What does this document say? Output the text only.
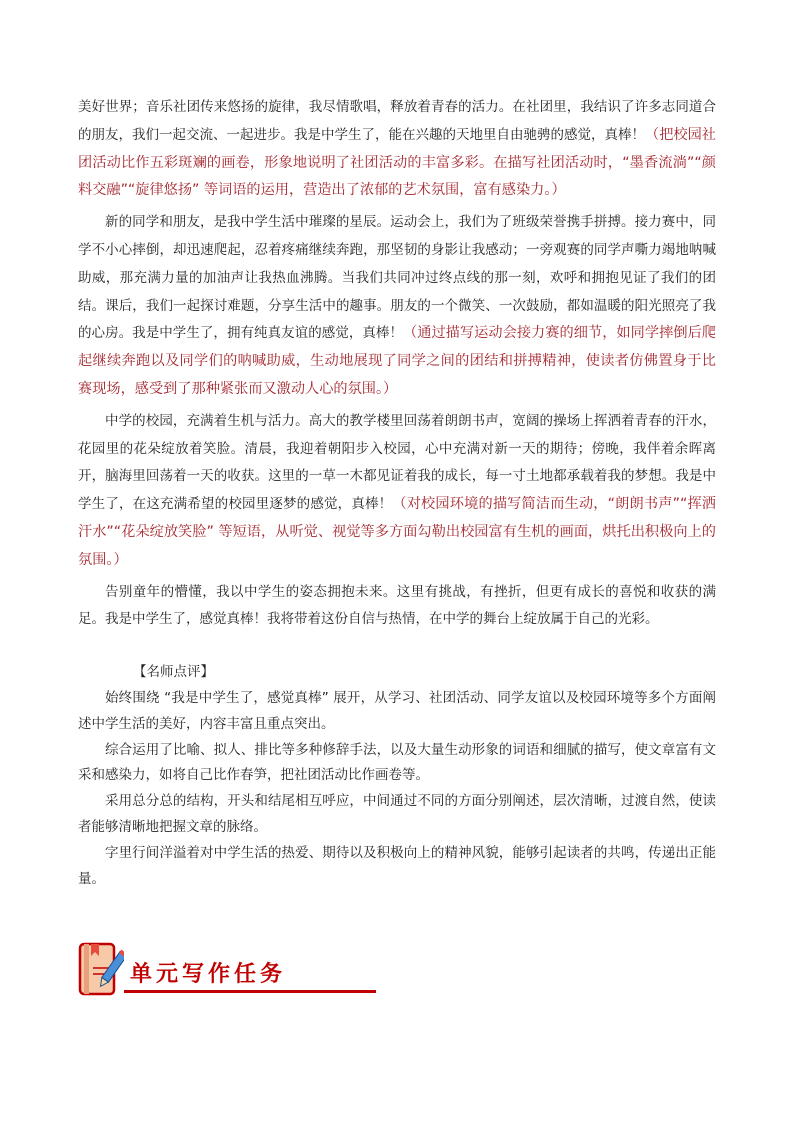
美好世界；音乐社团传来悠扬的旋律，我尽情歌唱，释放着青春的活力。在社团里，我结识了许多志同道合的朋友，我们一起交流、一起进步。我是中学生了，能在兴趣的天地里自由驰骋的感觉，真棒！（把校园社团活动比作五彩斑斓的画卷，形象地说明了社团活动的丰富多彩。在描写社团活动时，“墨香流淌”“颜料交融”“旋律悠扬” 等词语的运用，营造出了浓郁的艺术氛围，富有感染力。）

新的同学和朋友，是我中学生活中璀璨的星辰。运动会上，我们为了班级荣誉携手拼搏。接力赛中，同学不小心摔倒，却迅速爬起，忍着疼痛继续奔跑，那坚韧的身影让我感动；一旁观赛的同学声嘶力竭地呐喊助威，那充满力量的加油声让我热血沸腾。当我们共同冲过终点线的那一刻，欢呼和拥抱见证了我们的团结。课后，我们一起探讨难题，分享生活中的趣事。朋友的一个微笑、一次鼓励，都如温暖的阳光照亮了我的心房。我是中学生了，拥有纯真友谊的感觉，真棒！（通过描写运动会接力赛的细节，如同学摔倒后爬起继续奔跑以及同学们的呐喊助威，生动地展现了同学之间的团结和拼搏精神，使读者仿佛置身于比赛现场，感受到了那种紧张而又激动人心的氛围。）

中学的校园，充满着生机与活力。高大的教学楼里回荡着朗朗书声，宽阔的操场上挥洒着青春的汗水，花园里的花朵绽放着笑脸。清晨，我迎着朝阳步入校园，心中充满对新一天的期待；傍晚，我伴着余晖离开，脑海里回荡着一天的收获。这里的一草一木都见证着我的成长，每一寸土地都承载着我的梦想。我是中学生了，在这充满希望的校园里逐梦的感觉，真棒！（对校园环境的描写简洁而生动，“朗朗书声”“挥洒汗水”“花朵绽放笑脸” 等短语，从听觉、视觉等多方面勾勒出校园富有生机的画面，烘托出积极向上的氛围。）

告别童年的懵懂，我以中学生的姿态拥抱未来。这里有挑战，有挫折，但更有成长的喜悦和收获的满足。我是中学生了，感觉真棒！我将带着这份自信与热情，在中学的舞台上绽放属于自己的光彩。

【名师点评】

始终围绕 “我是中学生了，感觉真棒” 展开，从学习、社团活动、同学友谊以及校园环境等多个方面阐述中学生活的美好，内容丰富且重点突出。

综合运用了比喻、拟人、排比等多种修辞手法，以及大量生动形象的词语和细腻的描写，使文章富有文采和感染力，如将自己比作春笋，把社团活动比作画卷等。

采用总分总的结构，开头和结尾相互呼应，中间通过不同的方面分别阐述，层次清晰，过渡自然，使读者能够清晰地把握文章的脉络。

字里行间洋溢着对中学生活的热爱、期待以及积极向上的精神风貌，能够引起读者的共鸣，传递出正能量。

单元写作任务
